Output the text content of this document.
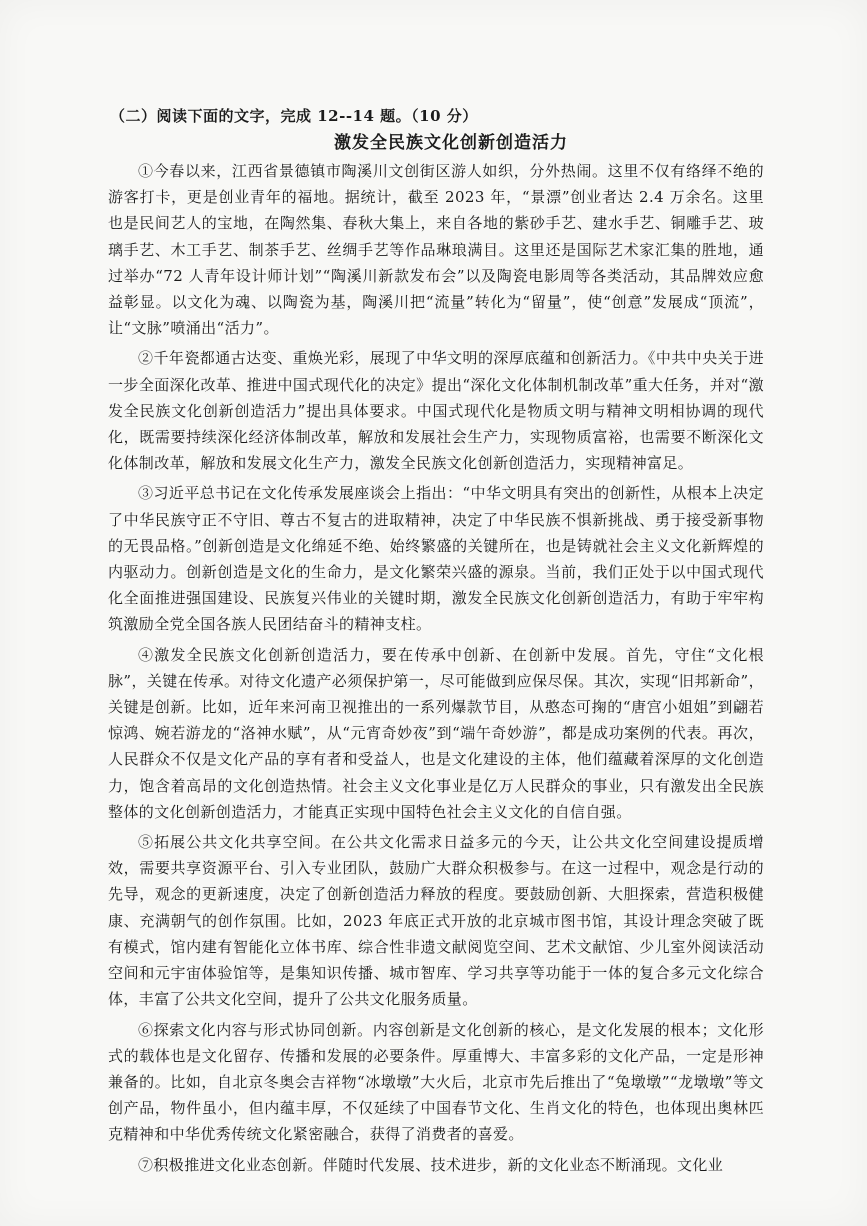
（二）阅读下面的文字，完成 12--14 题。（10 分）
激发全民族文化创新创造活力

①今春以来，江西省景德镇市陶溪川文创街区游人如织，分外热闹。这里不仅有络绎不绝的游客打卡，更是创业青年的福地。据统计，截至 2023 年，“景漂”创业者达 2.4 万余名。这里也是民间艺人的宝地，在陶然集、春秋大集上，来自各地的紫砂手艺、建水手艺、铜雕手艺、玻璃手艺、木工手艺、制茶手艺、丝绸手艺等作品琳琅满目。这里还是国际艺术家汇集的胜地，通过举办“72 人青年设计师计划”“陶溪川新款发布会”以及陶瓷电影周等各类活动，其品牌效应愈益彰显。以文化为魂、以陶瓷为基，陶溪川把“流量”转化为“留量”，使“创意”发展成“顶流”，让“文脉”喷涌出“活力”。

②千年瓷都通古达变、重焕光彩，展现了中华文明的深厚底蕴和创新活力。《中共中央关于进一步全面深化改革、推进中国式现代化的决定》提出“深化文化体制机制改革”重大任务，并对“激发全民族文化创新创造活力”提出具体要求。中国式现代化是物质文明与精神文明相协调的现代化，既需要持续深化经济体制改革，解放和发展社会生产力，实现物质富裕，也需要不断深化文化体制改革，解放和发展文化生产力，激发全民族文化创新创造活力，实现精神富足。

③习近平总书记在文化传承发展座谈会上指出：“中华文明具有突出的创新性，从根本上决定了中华民族守正不守旧、尊古不复古的进取精神，决定了中华民族不惧新挑战、勇于接受新事物的无畏品格。”创新创造是文化绵延不绝、始终繁盛的关键所在，也是铸就社会主义文化新辉煌的内驱动力。创新创造是文化的生命力，是文化繁荣兴盛的源泉。当前，我们正处于以中国式现代化全面推进强国建设、民族复兴伟业的关键时期，激发全民族文化创新创造活力，有助于牢牢构筑激励全党全国各族人民团结奋斗的精神支柱。

④激发全民族文化创新创造活力，要在传承中创新、在创新中发展。首先，守住“文化根脉”，关键在传承。对待文化遗产必须保护第一，尽可能做到应保尽保。其次，实现“旧邦新命”，关键是创新。比如，近年来河南卫视推出的一系列爆款节目，从憨态可掬的“唐宫小姐姐”到翩若惊鸿、婉若游龙的“洛神水赋”，从“元宵奇妙夜”到“端午奇妙游”，都是成功案例的代表。再次，人民群众不仅是文化产品的享有者和受益人，也是文化建设的主体，他们蕴藏着深厚的文化创造力，饱含着高昂的文化创造热情。社会主义文化事业是亿万人民群众的事业，只有激发出全民族整体的文化创新创造活力，才能真正实现中国特色社会主义文化的自信自强。

⑤拓展公共文化共享空间。在公共文化需求日益多元的今天，让公共文化空间建设提质增效，需要共享资源平台、引入专业团队，鼓励广大群众积极参与。在这一过程中，观念是行动的先导，观念的更新速度，决定了创新创造活力释放的程度。要鼓励创新、大胆探索，营造积极健康、充满朝气的创作氛围。比如，2023 年底正式开放的北京城市图书馆，其设计理念突破了既有模式，馆内建有智能化立体书库、综合性非遗文献阅览空间、艺术文献馆、少儿室外阅读活动空间和元宇宙体验馆等，是集知识传播、城市智库、学习共享等功能于一体的复合多元文化综合体，丰富了公共文化空间，提升了公共文化服务质量。

⑥探索文化内容与形式协同创新。内容创新是文化创新的核心，是文化发展的根本；文化形式的载体也是文化留存、传播和发展的必要条件。厚重博大、丰富多彩的文化产品，一定是形神兼备的。比如，自北京冬奥会吉祥物“冰墩墩”大火后，北京市先后推出了“兔墩墩”“龙墩墩”等文创产品，物件虽小，但内蕴丰厚，不仅延续了中国春节文化、生肖文化的特色，也体现出奥林匹克精神和中华优秀传统文化紧密融合，获得了消费者的喜爱。

⑦积极推进文化业态创新。伴随时代发展、技术进步，新的文化业态不断涌现。文化业
